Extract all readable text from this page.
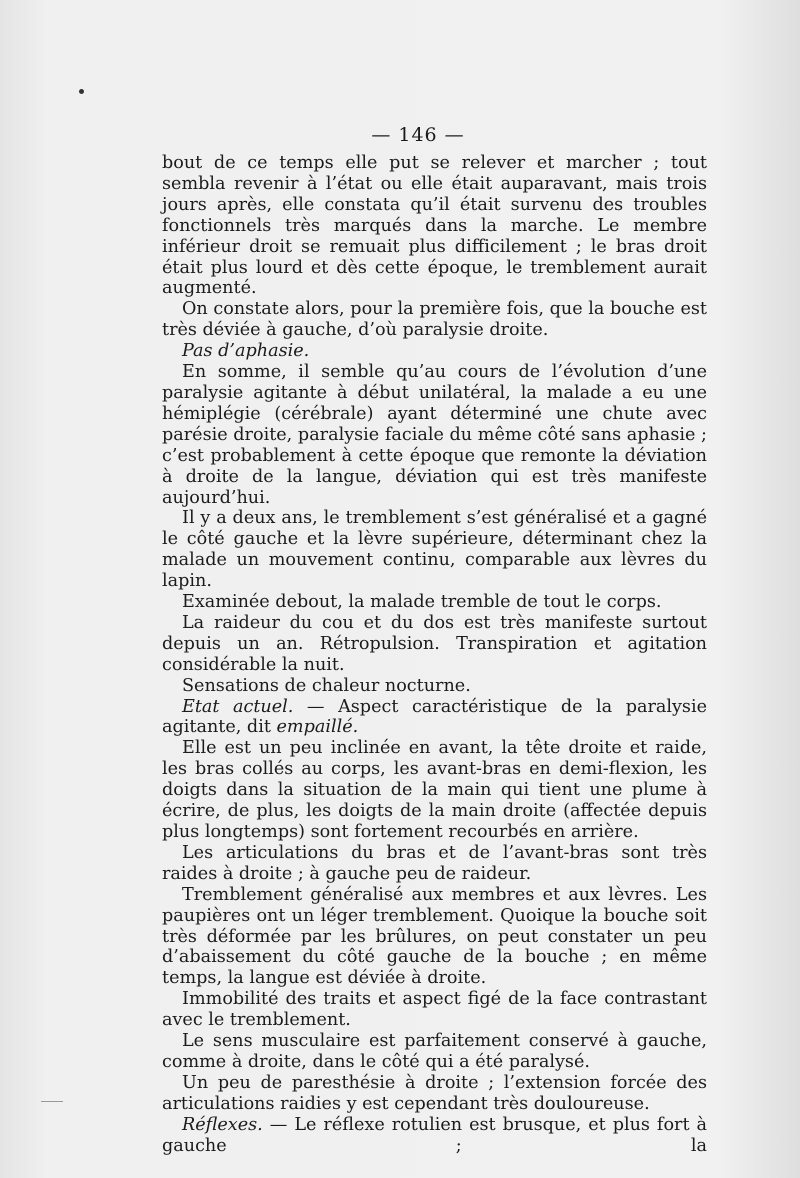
— 146 —

bout de ce temps elle put se relever et marcher ; tout sembla revenir à l’état ou elle était auparavant, mais trois jours après, elle constata qu’il était survenu des troubles fonctionnels très marqués dans la marche. Le membre inférieur droit se remuait plus difficilement ; le bras droit était plus lourd et dès cette époque, le tremblement aurait augmenté.

On constate alors, pour la première fois, que la bouche est très déviée à gauche, d’où paralysie droite.

Pas d’aphasie.

En somme, il semble qu’au cours de l’évolution d’une paralysie agitante à début unilatéral, la malade a eu une hémiplégie (cérébrale) ayant déterminé une chute avec parésie droite, paralysie faciale du même côté sans aphasie ; c’est probablement à cette époque que remonte la déviation à droite de la langue, déviation qui est très manifeste aujourd’hui.

Il y a deux ans, le tremblement s’est généralisé et a gagné le côté gauche et la lèvre supérieure, déterminant chez la malade un mouvement continu, comparable aux lèvres du lapin.

Examinée debout, la malade tremble de tout le corps.

La raideur du cou et du dos est très manifeste surtout depuis un an. Rétropulsion. Transpiration et agitation considérable la nuit.

Sensations de chaleur nocturne.

Etat actuel. — Aspect caractéristique de la paralysie agitante, dit empaillé.

Elle est un peu inclinée en avant, la tête droite et raide, les bras collés au corps, les avant-bras en demi-flexion, les doigts dans la situation de la main qui tient une plume à écrire, de plus, les doigts de la main droite (affectée depuis plus longtemps) sont fortement recourbés en arrière.

Les articulations du bras et de l’avant-bras sont très raides à droite ; à gauche peu de raideur.

Tremblement généralisé aux membres et aux lèvres. Les paupières ont un léger tremblement. Quoique la bouche soit très déformée par les brûlures, on peut constater un peu d’abaissement du côté gauche de la bouche ; en même temps, la langue est déviée à droite.

Immobilité des traits et aspect figé de la face contrastant avec le tremblement.

Le sens musculaire est parfaitement conservé à gauche, comme à droite, dans le côté qui a été paralysé.

Un peu de paresthésie à droite ; l’extension forcée des articulations raidies y est cependant très douloureuse.

Réflexes. — Le réflexe rotulien est brusque, et plus fort à gauche ; la
